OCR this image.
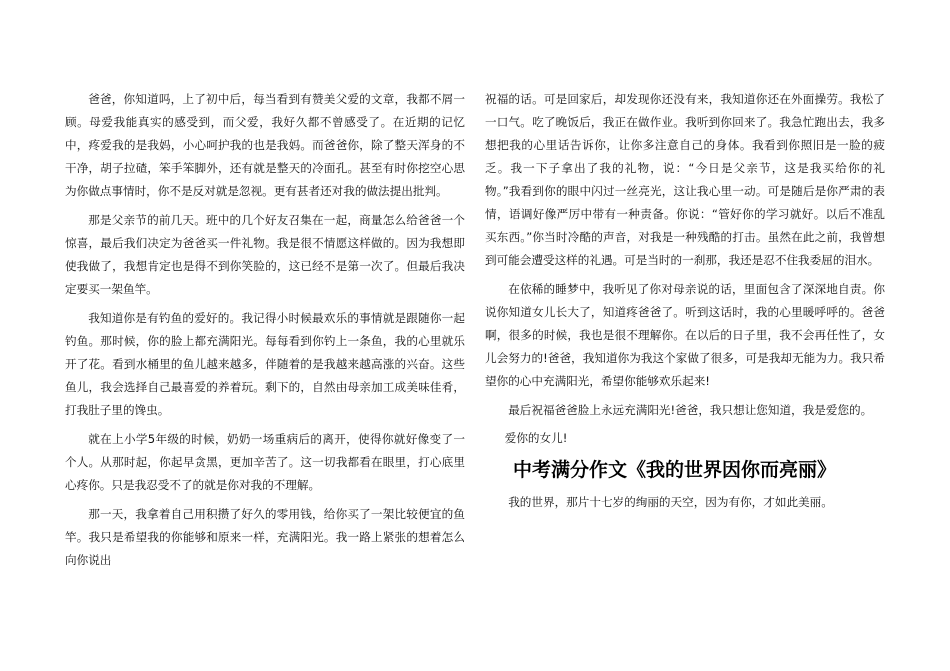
爸爸，你知道吗，上了初中后，每当看到有赞美父爱的文章，我都不屑一顾。母爱我能真实的感受到，而父爱，我好久都不曾感受了。在近期的记忆中，疼爱我的是我妈，小心呵护我的也是我妈。而爸爸你，除了整天浑身的不干净，胡子拉碴，笨手笨脚外，还有就是整天的冷面孔。甚至有时你挖空心思为你做点事情时，你不是反对就是忽视。更有甚者还对我的做法提出批判。

那是父亲节的前几天。班中的几个好友召集在一起，商量怎么给爸爸一个惊喜，最后我们决定为爸爸买一件礼物。我是很不情愿这样做的。因为我想即使我做了，我想肯定也是得不到你笑脸的，这已经不是第一次了。但最后我决定要买一架鱼竿。

我知道你是有钓鱼的爱好的。我记得小时候最欢乐的事情就是跟随你一起钓鱼。那时候，你的脸上都充满阳光。每每看到你钓上一条鱼，我的心里就乐开了花。看到水桶里的鱼儿越来越多，伴随着的是我越来越高涨的兴奋。这些鱼儿，我会选择自己最喜爱的养着玩。剩下的，自然由母亲加工成美味佳肴，打我肚子里的馋虫。

就在上小学5年级的时候，奶奶一场重病后的离开，使得你就好像变了一个人。从那时起，你起早贪黑，更加辛苦了。这一切我都看在眼里，打心底里心疼你。只是我忍受不了的就是你对我的不理解。

那一天，我拿着自己用积攒了好久的零用钱，给你买了一架比较便宜的鱼竿。我只是希望我的你能够和原来一样，充满阳光。我一路上紧张的想着怎么向你说出

祝福的话。可是回家后，却发现你还没有来，我知道你还在外面操劳。我松了一口气。吃了晚饭后，我正在做作业。我听到你回来了。我急忙跑出去，我多想把我的心里话告诉你，让你多注意自己的身体。我看到你照旧是一脸的疲乏。我一下子拿出了我的礼物，说：“今日是父亲节，这是我买给你的礼物。”我看到你的眼中闪过一丝亮光，这让我心里一动。可是随后是你严肃的表情，语调好像严厉中带有一种责备。你说：“管好你的学习就好。以后不准乱买东西。”你当时冷酷的声音，对我是一种残酷的打击。虽然在此之前，我曾想到可能会遭受这样的礼遇。可是当时的一刹那，我还是忍不住我委屈的泪水。

在依稀的睡梦中，我听见了你对母亲说的话，里面包含了深深地自责。你说你知道女儿长大了，知道疼爸爸了。听到这话时，我的心里暖呼呼的。爸爸啊，很多的时候，我也是很不理解你。在以后的日子里，我不会再任性了，女儿会努力的!爸爸，我知道你为我这个家做了很多，可是我却无能为力。我只希望你的心中充满阳光，希望你能够欢乐起来!

最后祝福爸爸脸上永远充满阳光!爸爸，我只想让您知道，我是爱您的。

爱你的女儿!

中考满分作文《我的世界因你而亮丽》

我的世界，那片十七岁的绚丽的天空，因为有你，才如此美丽。
